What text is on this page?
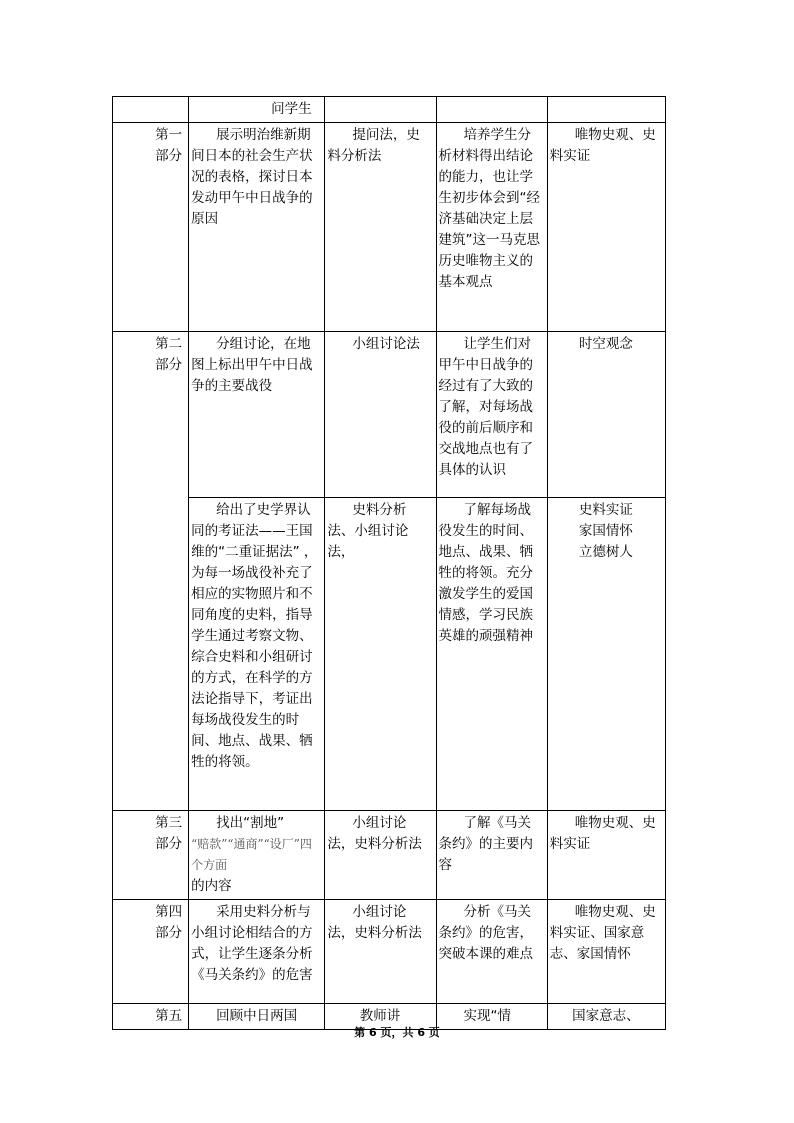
	问学生			
第一部分	展示明治维新期间日本的社会生产状况的表格，探讨日本发动甲午中日战争的原因	提问法，史料分析法	培养学生分析材料得出结论的能力，也让学生初步体会到“经济基础决定上层建筑”这一马克思历史唯物主义的基本观点	唯物史观、史料实证
第二部分	分组讨论，在地图上标出甲午中日战争的主要战役	小组讨论法	让学生们对甲午中日战争的经过有了大致的了解，对每场战役的前后顺序和交战地点也有了具体的认识	时空观念
	给出了史学界认同的考证法——王国维的“二重证据法” ，为每一场战役补充了相应的实物照片和不同角度的史料，指导学生通过考察文物、综合史料和小组研讨的方式，在科学的方法论指导下，考证出每场战役发生的时间、地点、战果、牺牲的将领。	史料分析法、小组讨论法，	了解每场战役发生的时间、地点、战果、牺牲的将领。充分激发学生的爱国情感，学习民族英雄的顽强精神	史料实证
家国情怀
立德树人

第三部分	找出“割地”
“赔款”“通商”“设厂”四个方面
的内容	小组讨论法，史料分析法	了解《马关条约》的主要内容	唯物史观、史料实证
第四部分	采用史料分析与小组讨论相结合的方式，让学生逐条分析《马关条约》的危害	小组讨论法，史料分析法	分析《马关条约》的危害，突破本课的难点	唯物史观、史料实证、国家意志、家国情怀
第五	回顾中日两国	教师讲	实现“情	国家意志、
第 6 页，共 6 页
